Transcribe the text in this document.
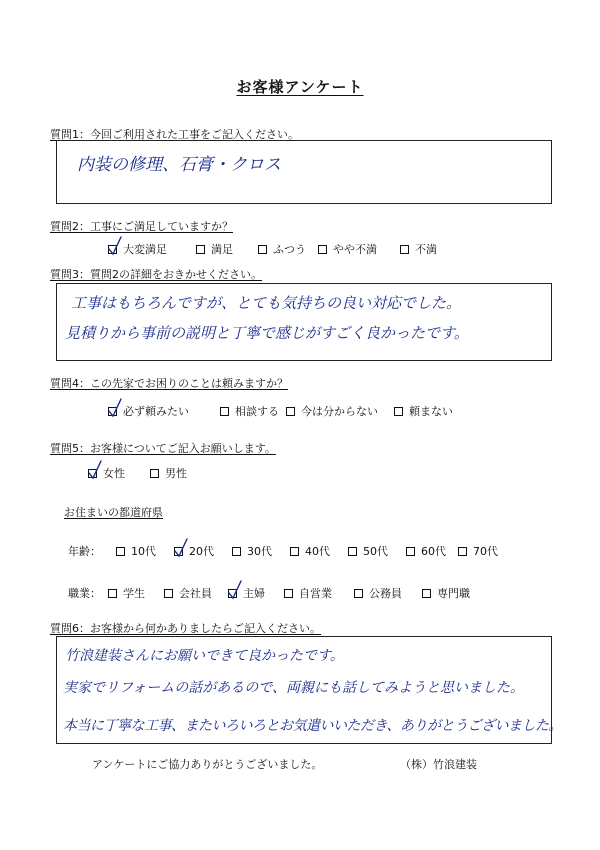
お客様アンケート
質問1：今回ご利用された工事をご記入ください。
内装の修理、石膏・クロス
質問2：工事にご満足していますか？
大変満足	満足	ふつう やや不満	不満
質問3：質問2の詳細をおきかせください。
工事はもちろんですが、とても気持ちの良い対応でした。
見積りから事前の説明と丁寧で感じがすごく良かったです。
質問4：この先家でお困りのことは頼みますか？
必ず頼みたい	相談する 今は分からない	頼まない
質問5：お客様についてご記入お願いします。
女性	男性
お住まいの都道府県
年齢：	10代	20代	30代	40代	50代	60代 70代
職業： 学生	会社員	主婦	自営業	公務員	専門職
質問6：お客様から何かありましたらご記入ください。
竹浪建装さんにお願いできて良かったです。
実家でリフォームの話があるので、両親にも話してみようと思いました。
本当に丁寧な工事、またいろいろとお気遣いいただき、ありがとうございました。
アンケートにご協力ありがとうございました。	（株）竹浪建装
